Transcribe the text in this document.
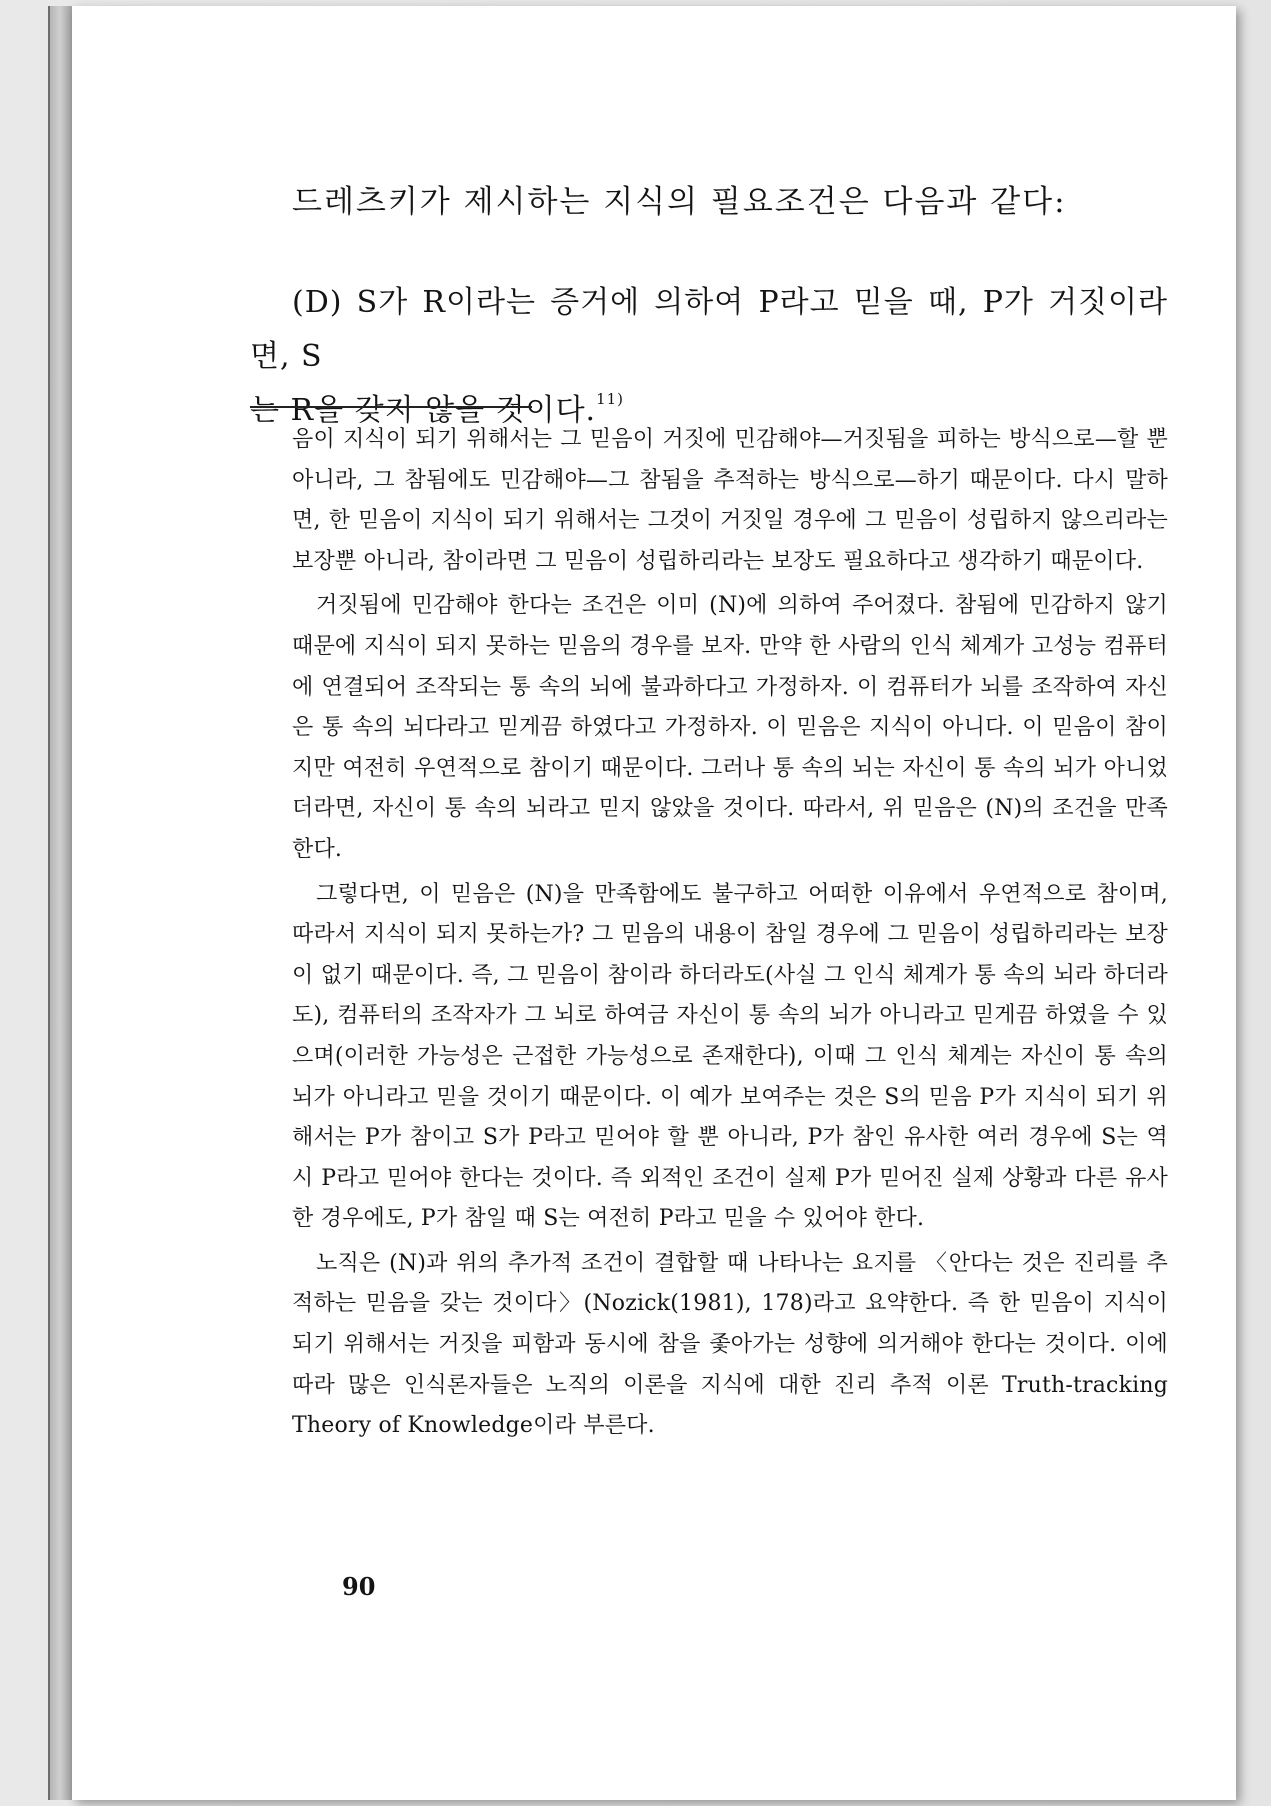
드레츠키가 제시하는 지식의 필요조건은 다음과 같다:

(D) S가 R이라는 증거에 의하여 P라고 믿을 때, P가 거짓이라면, S
는 R을 갖지 않을 것이다.$^{11)}$

음이 지식이 되기 위해서는 그 믿음이 거짓에 민감해야—거짓됨을 피하는 방식으로—할 뿐 아니라, 그 참됨에도 민감해야—그 참됨을 추적하는 방식으로—하기 때문이다. 다시 말하면, 한 믿음이 지식이 되기 위해서는 그것이 거짓일 경우에 그 믿음이 성립하지 않으리라는 보장뿐 아니라, 참이라면 그 믿음이 성립하리라는 보장도 필요하다고 생각하기 때문이다.

거짓됨에 민감해야 한다는 조건은 이미 (N)에 의하여 주어졌다. 참됨에 민감하지 않기 때문에 지식이 되지 못하는 믿음의 경우를 보자. 만약 한 사람의 인식 체계가 고성능 컴퓨터에 연결되어 조작되는 통 속의 뇌에 불과하다고 가정하자. 이 컴퓨터가 뇌를 조작하여 자신은 통 속의 뇌다라고 믿게끔 하였다고 가정하자. 이 믿음은 지식이 아니다. 이 믿음이 참이지만 여전히 우연적으로 참이기 때문이다. 그러나 통 속의 뇌는 자신이 통 속의 뇌가 아니었더라면, 자신이 통 속의 뇌라고 믿지 않았을 것이다. 따라서, 위 믿음은 (N)의 조건을 만족한다.

그렇다면, 이 믿음은 (N)을 만족함에도 불구하고 어떠한 이유에서 우연적으로 참이며, 따라서 지식이 되지 못하는가? 그 믿음의 내용이 참일 경우에 그 믿음이 성립하리라는 보장이 없기 때문이다. 즉, 그 믿음이 참이라 하더라도(사실 그 인식 체계가 통 속의 뇌라 하더라도), 컴퓨터의 조작자가 그 뇌로 하여금 자신이 통 속의 뇌가 아니라고 믿게끔 하였을 수 있으며(이러한 가능성은 근접한 가능성으로 존재한다), 이때 그 인식 체계는 자신이 통 속의 뇌가 아니라고 믿을 것이기 때문이다. 이 예가 보여주는 것은 S의 믿음 P가 지식이 되기 위해서는 P가 참이고 S가 P라고 믿어야 할 뿐 아니라, P가 참인 유사한 여러 경우에 S는 역시 P라고 믿어야 한다는 것이다. 즉 외적인 조건이 실제 P가 믿어진 실제 상황과 다른 유사한 경우에도, P가 참일 때 S는 여전히 P라고 믿을 수 있어야 한다.

노직은 (N)과 위의 추가적 조건이 결합할 때 나타나는 요지를 〈안다는 것은 진리를 추적하는 믿음을 갖는 것이다〉(Nozick(1981), 178)라고 요약한다. 즉 한 믿음이 지식이 되기 위해서는 거짓을 피함과 동시에 참을 좇아가는 성향에 의거해야 한다는 것이다. 이에 따라 많은 인식론자들은 노직의 이론을 지식에 대한 진리 추적 이론 Truth-tracking Theory of Knowledge이라 부른다.

90
